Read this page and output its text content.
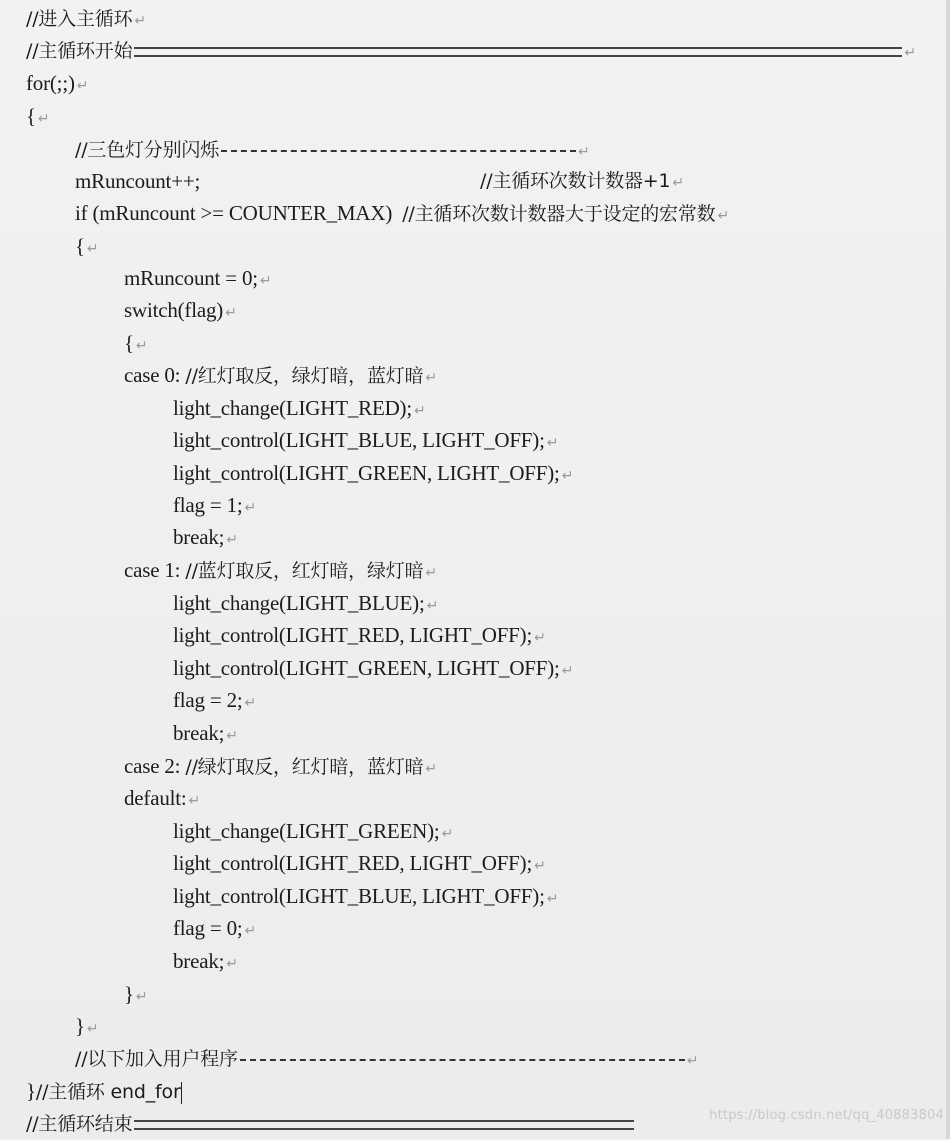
//进入主循环 ↵
//主循环开始	↵
for(;;) ↵
{ ↵
//三色灯分别闪烁	↵
mRuncount++;	//主循环次数计数器+1 ↵
if (mRuncount >= COUNTER_MAX) //主循环次数计数器大于设定的宏常数 ↵
{ ↵
mRuncount = 0; ↵
switch(flag) ↵
{ ↵
case 0: //红灯取反，绿灯暗，蓝灯暗 ↵
light_change(LIGHT_RED); ↵
light_control(LIGHT_BLUE, LIGHT_OFF); ↵
light_control(LIGHT_GREEN, LIGHT_OFF); ↵
flag = 1; ↵
break; ↵
case 1: //蓝灯取反，红灯暗，绿灯暗 ↵
light_change(LIGHT_BLUE); ↵
light_control(LIGHT_RED, LIGHT_OFF); ↵
light_control(LIGHT_GREEN, LIGHT_OFF); ↵
flag = 2; ↵
break; ↵
case 2: //绿灯取反，红灯暗，蓝灯暗 ↵
default: ↵
light_change(LIGHT_GREEN); ↵
light_control(LIGHT_RED, LIGHT_OFF); ↵
light_control(LIGHT_BLUE, LIGHT_OFF); ↵
flag = 0; ↵
break; ↵
} ↵
} ↵
//以下加入用户程序	↵
}//主循环 end_for
//主循环结束	https://blog.csdn.net/qq_40883804
